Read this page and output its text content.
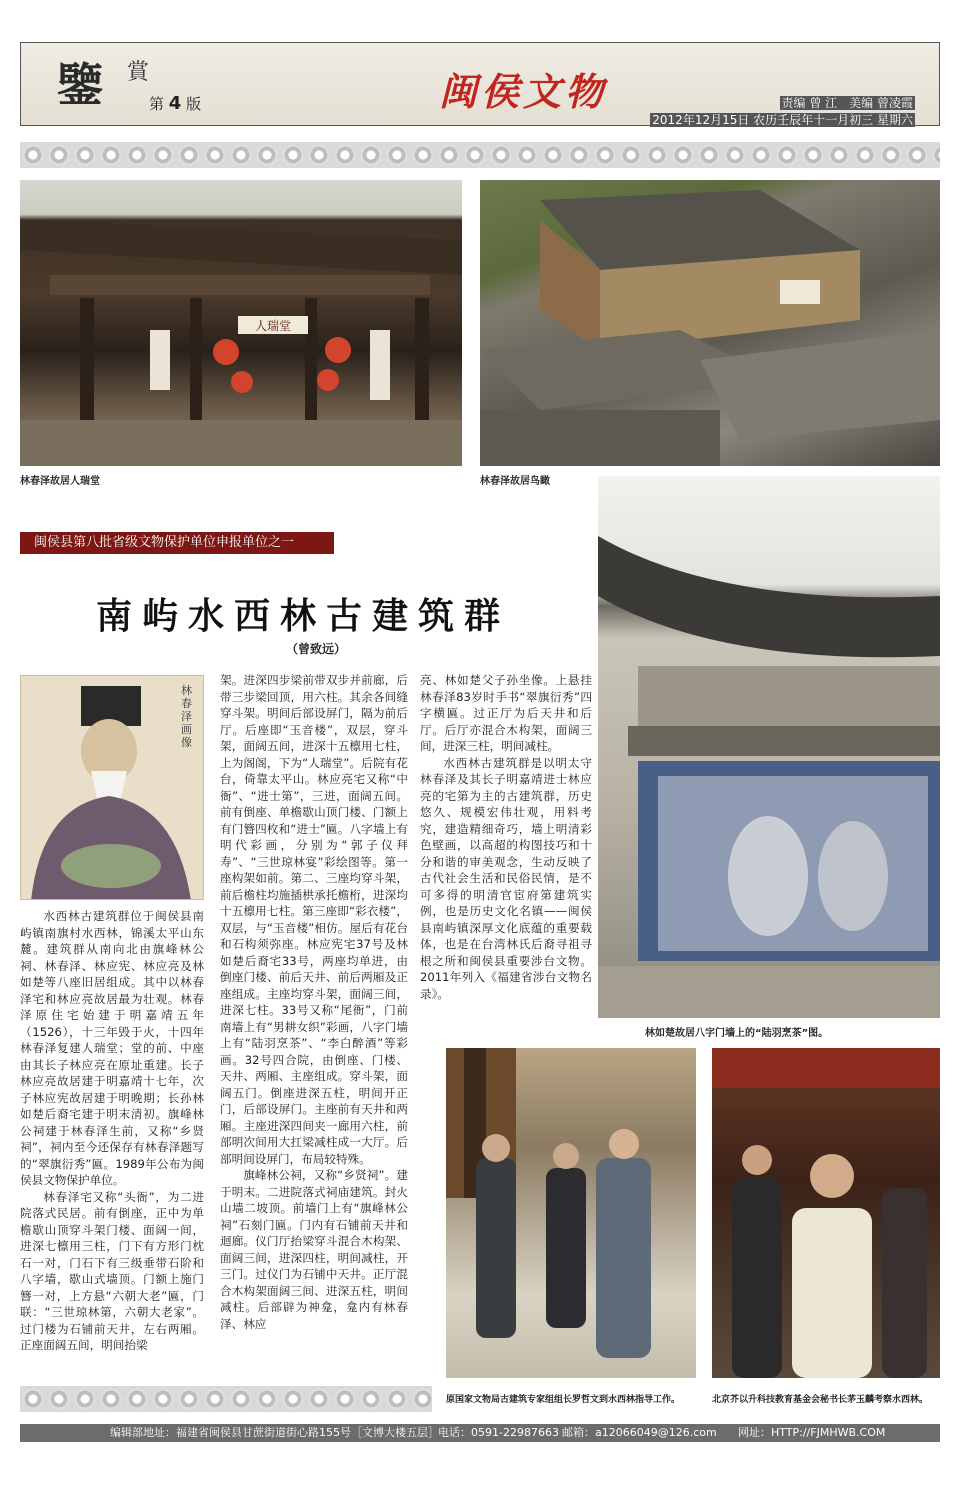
鑒 賞
第 4 版	闽侯文物	责编 曾 江　美编 曾凌霞
2012年12月15日 农历壬辰年十一月初三 星期六
人瑞堂
林春泽故居人瑞堂	林春泽故居鸟瞰
闽侯县第八批省级文物保护单位申报单位之一
南屿水西林古建筑群
（曾致远）
林春泽画像
林如楚故居八字门墙上的“陆羽烹茶”图。

水西林古建筑群位于闽侯县南屿镇南旗村水西林，锦溪太平山东麓。建筑群从南向北由旗峰林公祠、林春泽、林应宪、林应亮及林如楚等八座旧居组成。其中以林春泽宅和林应亮故居最为壮观。林春泽原住宅始建于明嘉靖五年（1526），十三年毁于火，十四年林春泽复建人瑞堂；堂的前、中座由其长子林应亮在原址重建。长子林应亮故居建于明嘉靖十七年，次子林应宪故居建于明晚期；长孙林如楚后裔宅建于明末清初。旗峰林公祠建于林春泽生前，又称“乡贤祠”，祠内至今还保存有林春泽题写的“翠旗衍秀”匾。1989年公布为闽侯县文物保护单位。

林春泽宅又称“头衙”，为二进院落式民居。前有倒座，正中为单檐歇山顶穿斗架门楼、面阔一间，进深七檩用三柱，门下有方形门枕石一对，门石下有三级垂带石阶和八字墙，歇山式墙顶。门额上施门簪一对，上方悬“六朝大老”匾，门联：“三世琼林第，六朝大老家”。过门楼为石铺前天井，左右两厢。正座面阔五间，明间抬梁

架。进深四步梁前带双步并前廊，后带三步梁回顶，用六柱。其余各间缝穿斗架。明间后部设屏门，隔为前后厅。后座即“玉音楼”，双层，穿斗架，面阔五间，进深十五檩用七柱，上为阁阁，下为“人瑞堂”。后院有花台，倚靠太平山。林应亮宅又称“中衙”、“进士第”，三进，面阔五间。前有倒座、单檐歇山顶门楼、门额上有门簪四枚和“进士”匾。八字墙上有明代彩画，分别为“郭子仪拜寿”、“三世琼林宴”彩绘图等。第一座构架如前。第二、三座均穿斗架，前后檐柱均施插栱承托檐桁，进深均十五檩用七柱。第三座即“彩衣楼”，双层，与“玉音楼”相仿。屋后有花台和石构须弥座。林应宪宅37号及林如楚后裔宅33号，两座均单进，由倒座门楼、前后天井、前后两厢及正座组成。主座均穿斗架，面阔三间，进深七柱。33号又称“尾衙”，门前南墙上有“男耕女织”彩画，八字门墙上有“陆羽烹茶”、“李白醉酒”等彩画。32号四合院，由倒座、门楼、天井、两厢、主座组成。穿斗架，面阔五门。倒座进深五柱，明间开正门，后部设屏门。主座前有天井和两厢。主座进深四间夹一廊用六柱，前部明次间用大扛梁减柱成一大厅。后部明间设屏门，布局较特殊。

旗峰林公祠，又称“乡贤祠”。建于明末。二进院落式祠庙建筑。封火山墙二坡顶。前墙门上有“旗峰林公祠”石刻门匾。门内有石铺前天井和迴廊。仪门厅抬梁穿斗混合木构架、面阔三间，进深四柱，明间减柱，开三门。过仪门为石铺中天井。正厅混合木构架面阔三间、进深五柱，明间减柱。后部辟为神龛，龛内有林春泽、林应

亮、林如楚父子孙坐像。上悬挂林春泽83岁时手书“翠旗衍秀”四字横匾。过正厅为后天井和后厅。后厅亦混合木构架，面阔三间，进深三柱，明间减柱。

水西林古建筑群是以明太守林春泽及其长子明嘉靖进士林应亮的宅第为主的古建筑群，历史悠久、规模宏伟壮观，用料考究，建造精细奇巧，墙上明清彩色壁画，以高超的构图技巧和十分和谐的审美观念，生动反映了古代社会生活和民俗民情，是不可多得的明清官宦府第建筑实例，也是历史文化名镇——闽侯县南屿镇深厚文化底蕴的重要载体，也是在台湾林氏后裔寻祖寻根之所和闽侯县重要涉台文物。2011年列入《福建省涉台文物名录》。

原国家文物局古建筑专家组组长罗哲文到水西林指导工作。	北京芥以升科技教育基金会秘书长茅玉麟考察水西林。
编辑部地址：福建省闽侯县甘蔗街道街心路155号［文博大楼五层］ 电话：0591-22987663 邮箱：a12066049@126.com 网址：HTTP://FJMHWB.COM
